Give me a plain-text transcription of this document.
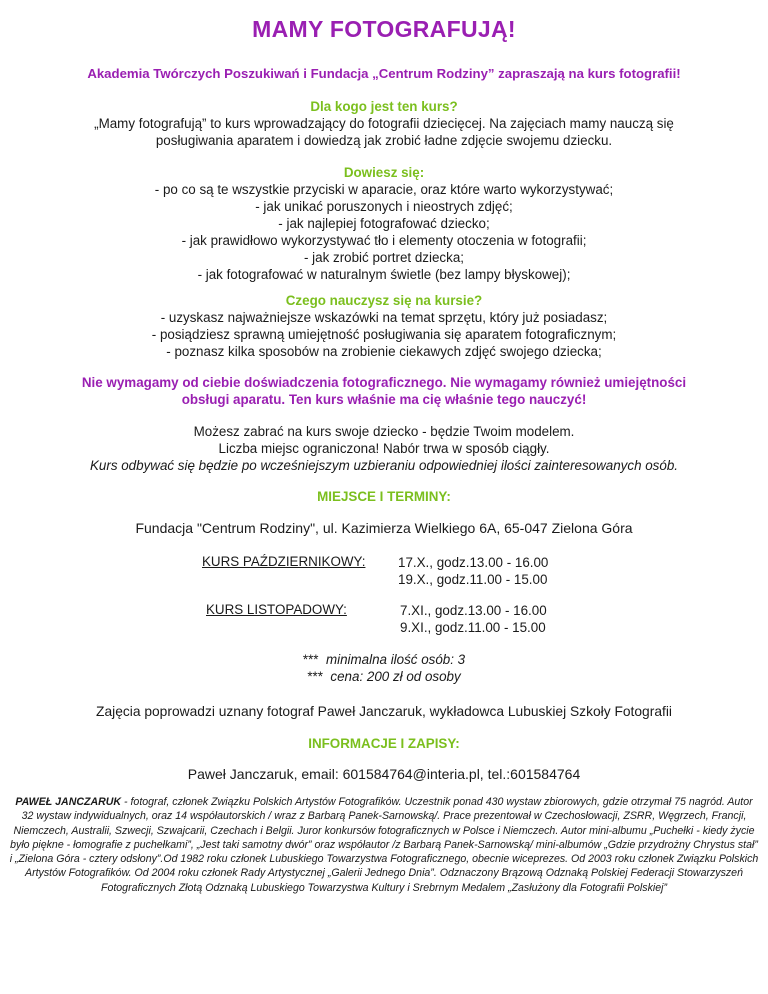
MAMY FOTOGRAFUJĄ!
Akademia Twórczych Poszukiwań i Fundacja „Centrum Rodziny” zapraszają na kurs fotografii!
Dla kogo jest ten kurs?
„Mamy fotografują” to kurs wprowadzający do fotografii dziecięcej. Na zajęciach mamy nauczą się
posługiwania aparatem i dowiedzą jak zrobić ładne zdjęcie swojemu dziecku.
Dowiesz się:
- po co są te wszystkie przyciski w aparacie, oraz które warto wykorzystywać;
- jak unikać poruszonych i nieostrych zdjęć;
- jak najlepiej fotografować dziecko;
- jak prawidłowo wykorzystywać tło i elementy otoczenia w fotografii;
- jak zrobić portret dziecka;
- jak fotografować w naturalnym świetle (bez lampy błyskowej);
Czego nauczysz się na kursie?
- uzyskasz najważniejsze wskazówki na temat sprzętu, który już posiadasz;
- posiądziesz sprawną umiejętność posługiwania się aparatem fotograficznym;
- poznasz kilka sposobów na zrobienie ciekawych zdjęć swojego dziecka;
Nie wymagamy od ciebie doświadczenia fotograficznego. Nie wymagamy również umiejętności
obsługi aparatu. Ten kurs właśnie ma cię właśnie tego nauczyć!
Możesz zabrać na kurs swoje dziecko - będzie Twoim modelem.
Liczba miejsc ograniczona! Nabór trwa w sposób ciągły.
Kurs odbywać się będzie po wcześniejszym uzbieraniu odpowiedniej ilości zainteresowanych osób.
MIEJSCE I TERMINY:
Fundacja "Centrum Rodziny", ul. Kazimierza Wielkiego 6A, 65-047 Zielona Góra
KURS PAŹDZIERNIKOWY: 17.X., godz.13.00 - 16.00
19.X., godz.11.00 - 15.00
KURS LISTOPADOWY:	7.XI., godz.13.00 - 16.00
9.XI., godz.11.00 - 15.00
*** minimalna ilość osób: 3
*** cena: 200 zł od osoby
Zajęcia poprowadzi uznany fotograf Paweł Janczaruk, wykładowca Lubuskiej Szkoły Fotografii
INFORMACJE I ZAPISY:
Paweł Janczaruk, email: 601584764@interia.pl, tel.:601584764
PAWEŁ JANCZARUK - fotograf, członek Związku Polskich Artystów Fotografików. Uczestnik ponad 430 wystaw zbiorowych, gdzie otrzymał 75 nagród. Autor 32 wystaw indywidualnych, oraz 14 współautorskich / wraz z Barbarą Panek-Sarnowską/. Prace prezentował w Czechosłowacji, ZSRR, Węgrzech, Francji, Niemczech, Australii, Szwecji, Szwajcarii, Czechach i Belgii. Juror konkursów fotograficznych w Polsce i Niemczech. Autor mini-albumu „Puchełki - kiedy życie było piękne - łomografie z puchełkami”, „Jest taki samotny dwór” oraz współautor /z Barbarą Panek-Sarnowską/ mini-albumów „Gdzie przydrożny Chrystus stał” i „Zielona Góra - cztery odsłony”.Od 1982 roku członek Lubuskiego Towarzystwa Fotograficznego, obecnie wiceprezes. Od 2003 roku członek Związku Polskich Artystów Fotografików. Od 2004 roku członek Rady Artystycznej „Galerii Jednego Dnia”. Odznaczony Brązową Odznaką Polskiej Federacji Stowarzyszeń Fotograficznych Złotą Odznaką Lubuskiego Towarzystwa Kultury i Srebrnym Medalem „Zasłużony dla Fotografii Polskiej”
